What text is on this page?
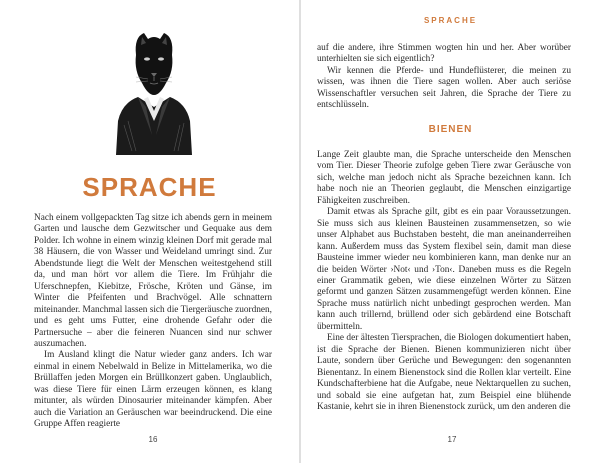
SPRACHE

Nach einem vollgepackten Tag sitze ich abends gern in meinem Garten und lausche dem Gezwitscher und Gequake aus dem Polder. Ich wohne in einem winzig kleinen Dorf mit gerade mal 38 Häusern, die von Wasser und Weideland umringt sind. Zur Abendstunde liegt die Welt der Menschen weitestgehend still da, und man hört vor allem die Tiere. Im Frühjahr die Uferschnepfen, Kiebitze, Frösche, Kröten und Gänse, im Winter die Pfeifenten und Brachvögel. Alle schnattern miteinander. Manchmal lassen sich die Tiergeräusche zuordnen, und es geht ums Futter, eine drohende Gefahr oder die Partnersuche – aber die feineren Nuancen sind nur schwer auszumachen.

Im Ausland klingt die Natur wieder ganz anders. Ich war einmal in einem Nebelwald in Belize in Mittelamerika, wo die Brüllaffen jeden Morgen ein Brüllkonzert gaben. Unglaublich, was diese Tiere für einen Lärm erzeugen können, es klang mitunter, als würden Dinosaurier miteinander kämpfen. Aber auch die Variation an Geräuschen war beeindruckend. Die eine Gruppe Affen reagierte

16
SPRACHE

auf die andere, ihre Stimmen wogten hin und her. Aber worüber unterhielten sie sich eigentlich?

Wir kennen die Pferde- und Hundeflüsterer, die meinen zu wissen, was ihnen die Tiere sagen wollen. Aber auch seriöse Wissenschaftler versuchen seit Jahren, die Sprache der Tiere zu entschlüsseln.

BIENEN

Lange Zeit glaubte man, die Sprache unterscheide den Menschen vom Tier. Dieser Theorie zufolge geben Tiere zwar Geräusche von sich, welche man jedoch nicht als Sprache bezeichnen kann. Ich habe noch nie an Theorien geglaubt, die Menschen einzigartige Fähigkeiten zuschreiben.

Damit etwas als Sprache gilt, gibt es ein paar Voraussetzungen. Sie muss sich aus kleinen Bausteinen zusammensetzen, so wie unser Alphabet aus Buchstaben besteht, die man aneinanderreihen kann. Außerdem muss das System flexibel sein, damit man diese Bausteine immer wieder neu kombinieren kann, man denke nur an die beiden Wörter ›Not‹ und ›Ton‹. Daneben muss es die Regeln einer Grammatik geben, wie diese einzelnen Wörter zu Sätzen geformt und ganzen Sätzen zusammengefügt werden können. Eine Sprache muss natürlich nicht unbedingt gesprochen werden. Man kann auch trillernd, brüllend oder sich gebärdend eine Botschaft übermitteln.

Eine der ältesten Tiersprachen, die Biologen dokumentiert haben, ist die Sprache der Bienen. Bienen kommunizieren nicht über Laute, sondern über Gerüche und Bewegungen: den sogenannten Bienentanz. In einem Bienenstock sind die Rollen klar verteilt. Eine Kundschafterbiene hat die Aufgabe, neue Nektarquellen zu suchen, und sobald sie eine aufgetan hat, zum Beispiel eine blühende Kastanie, kehrt sie in ihren Bienenstock zurück, um den anderen die

17
